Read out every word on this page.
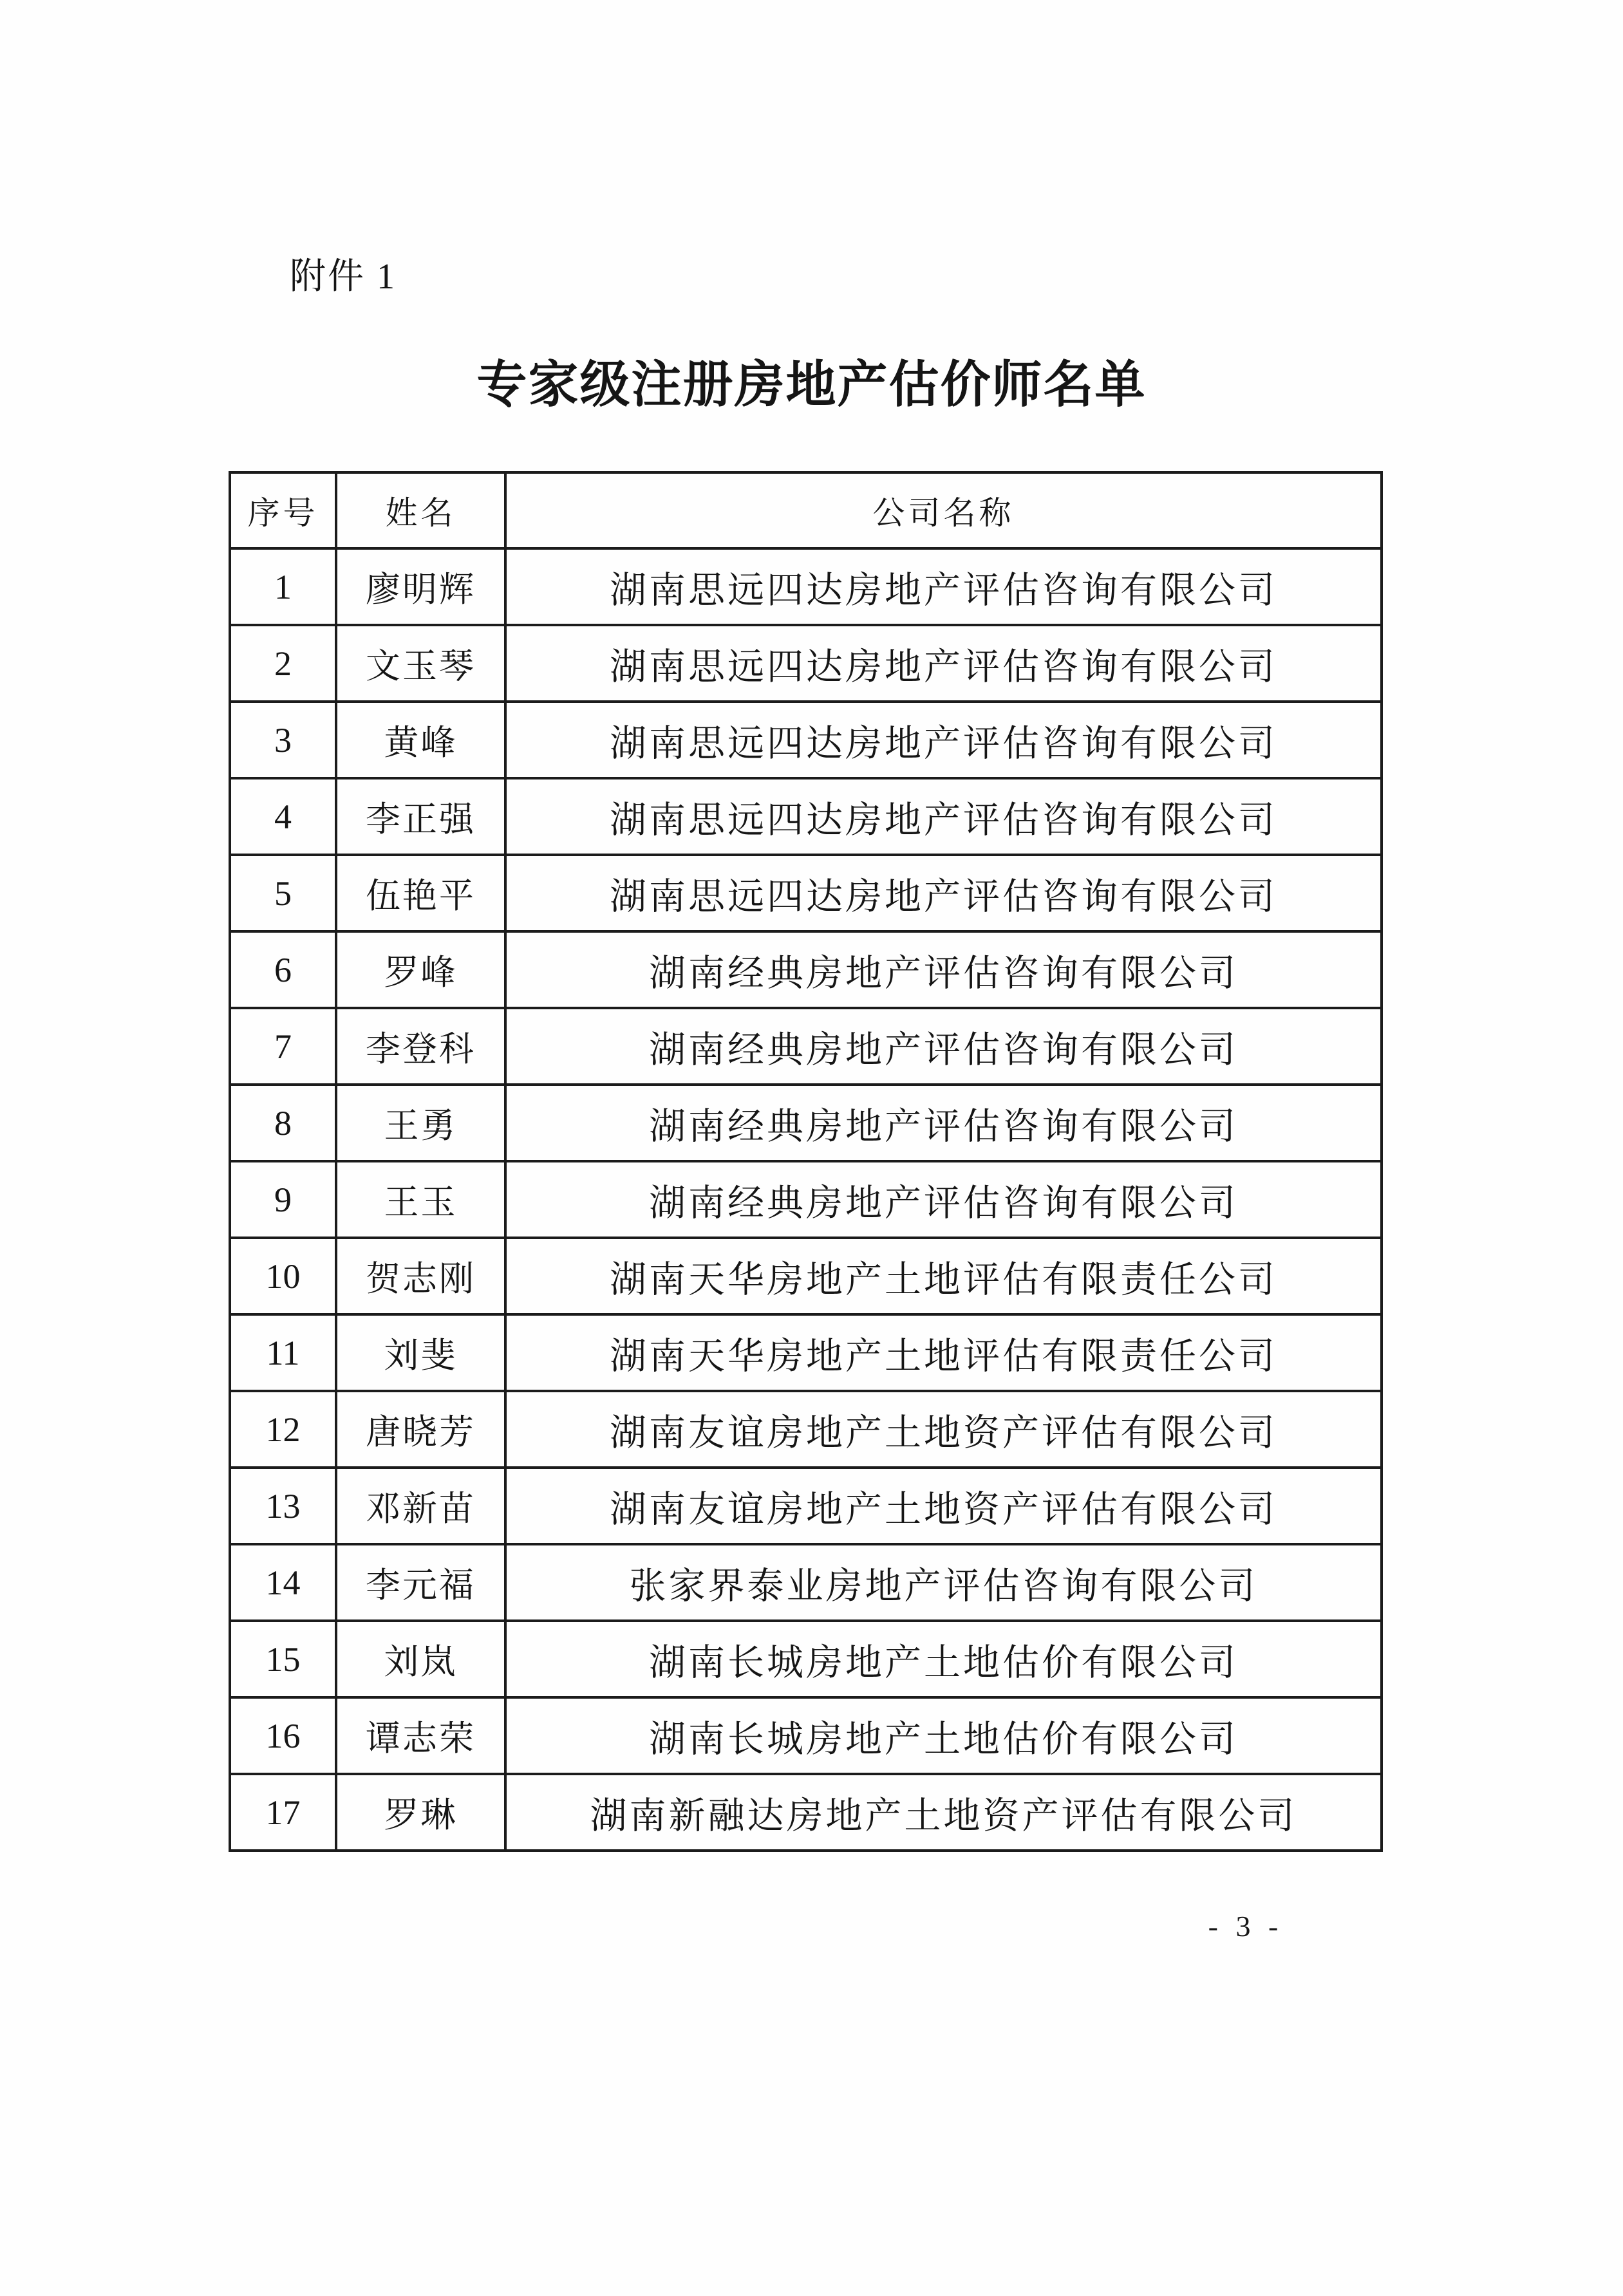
附件 1
专家级注册房地产估价师名单
序号	姓名	公司名称
1	廖明辉	湖南思远四达房地产评估咨询有限公司
2	文玉琴	湖南思远四达房地产评估咨询有限公司
3	黄峰	湖南思远四达房地产评估咨询有限公司
4	李正强	湖南思远四达房地产评估咨询有限公司
5	伍艳平	湖南思远四达房地产评估咨询有限公司
6	罗峰	湖南经典房地产评估咨询有限公司
7	李登科	湖南经典房地产评估咨询有限公司
8	王勇	湖南经典房地产评估咨询有限公司
9	王玉	湖南经典房地产评估咨询有限公司
10	贺志刚	湖南天华房地产土地评估有限责任公司
11	刘斐	湖南天华房地产土地评估有限责任公司
12	唐晓芳	湖南友谊房地产土地资产评估有限公司
13	邓新苗	湖南友谊房地产土地资产评估有限公司
14	李元福	张家界泰业房地产评估咨询有限公司
15	刘岚	湖南长城房地产土地估价有限公司
16	谭志荣	湖南长城房地产土地估价有限公司
17	罗琳	湖南新融达房地产土地资产评估有限公司
- 3 -
